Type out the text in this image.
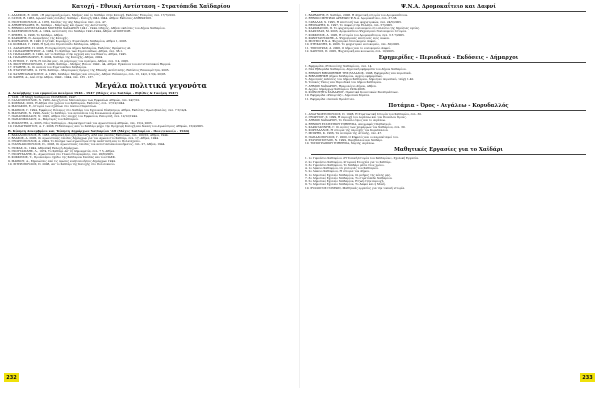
Κατοχή - Εθνική Αντίσταση - Στρατόπεδα Χαϊδαρίου

1. ΑΔΑΣΚΟΣ, Ε. 2005. «Η μαρτυρική μοίρα», Μνήμες από το Χαϊδάρι στην Κατοχή, Εκδόσεις Εταιρίας, σελ. 17/7/2010.
2. ΓΑΤΟΣ, Β. 1963, Αγωνιστικές σελίδες: Χαϊδάρι - Κατοχή 1941-1944. Αθήνα: Εκδόσεις ΑΝΘΡΩΠΟΣ.
3. ΓΚΟΤΣΟΠΟΥΛΟΣ, Α. 1976, Σελίδες της 4ης Μαρτίου: Οκτ. σελ. 47.
4. ΔΗΜΗΤΡΙΑΔΗΣ, Θ., Χαϊδάρι - Μάρτυρες και ήρωες της Αντίστασης.
5. ΕΘΝΙΚΟ ΑΝΤΙΣΤΑΣΙΑΚΟ ΜΟΥΣΕΙΟ ΧΑΪΔΑΡΙΟΥ 1941 - 1944. Οδηγός, Αθήνα: εκδόσεις του Δήμου Χαϊδαρίου.
6. ΖΑΦΕΙΡΟΠΟΥΛΟΣ, Α. 1994, Αντίσταση στο Χαϊδάρι 1941-1944, Αθήνα: ΑΠΟΣΤΟΛΗ.
7. ΖΗΣΗΣ, Δ. 1998, Το Χαϊδάρι, Αθήνα.
8. ΚΑΡΑΜΗΣ, Ν. Αναμνήσεις της Κατοχής.
9. ΚΟΡΝΑΡΟΣ, Θ. 1945 (1η Γέκδ. Κορνάρος), Στρατόπεδο Χαϊδαρίου, Αθήνα 1, 2005.
10. ΚΟΣΜΑΣ, Γ. 1998, Η ζωή στο Στρατόπεδο Χαϊδαρίου, Αθήνα.
11. ΛΑΖΑΡΙΔΗΣ, Π. 2003, Η συγκρότηση του Δήμου Χαϊδαρίου, Εκδόσεις Ιδρύματος ΑΙ.
12. ΠΑΠΑΔΗΜΗΤΡΙΟΥ, Α. 1984, Το Χαϊδάρι των Στρατοπέδων, Αθήνα, σελ. 38-1.
13. ΠΑΠΑΔΑΚΗ, Σ. 1940, Απ' το Χαϊδάρι στην αγχόνη και τον θάνατο, Αθήνα, 1945.
14. ΠΑΠΑΘΕΟΔΟΡΟΥ, Ε. 2004, Χαϊδάρι της Κατοχής, Αθήνα, 2004.
15. ΡΙΤΣΟΣ, Γ. 1976, Η σελίδα μας - Οι μάρτυρες του πολέμου, Αθήνα, σελ. 3 4, 2005.
16. ΣΚΟΥΤΕΡΟΠΟΥΛΟΣ, Γ. 2008, Χαϊδάρι - Μνήμες Ηλίου: 1940 - 44, Αθήνα: Εγκαίνια του αντιστασιακού Θερμού.
17. ΣΤΑΘΗΣ, Σ., Οι κελλιά του Στρατοπέδου Χαϊδαρίου.
18. ΣΤΑΥΡΟΥΛΗΣ, Δ. 1979, Χαϊδάρι - Μαρτυρικός δρόμος της Εθνικής Αντίστασης, Εκδόσεις Επικαιρότητα, 2005.
19. ΧΑΤΖΗΠΑΝΑΓΙΩΤΟΥ, Α. 1995, Χαϊδάρι: Μνήμες και ιστορίες, Αθήνα: Επίκεντρο, σελ. 13, 14/2, 2 5/4, 20/05.
20. ΧΑΡΗΣ, Α., Από στην Αθήνα, 1940 - 1944, σελ. 135 - 137.

Μεγάλα πολιτικά γεγονότα

Α. Δεκέμβρης του εμφυλίου πολέμου 1946 - 1947 (Μάχες στο Χαϊδάρι - Ρεβίθες & Γαλήνη 1947)
1. ΤΑΣΙ. «Η Μάχη Χαϊδαρίου» ΠΟΛΕΜΟΣ, 1947.
2. ΓΑΛΑΝΟΠΟΥΛΟΣ, Ν. 1980, Αποχή στον Μεσοπόλεμο των Εμφυλίων Αθηνών, σελ. 24/7/10.
3. ΚΟΣΜΑΣ, 2001, Η Αθήνα στα χρόνια του Χαϊδαρίου, Εκδόσεις, σελ. 17/12/1944.
4. ΜΑΝΑΚΟΣ, Ε., Ιστορία των σχεδίων στο Δίκτυο Παρισσίων.
5. ΜΑΡΚΟΣ, Γ. 1994, Εμφύλιος Πόλεμος στο Χαϊδάρι του Σχολικού Σύνδεσμου, Αθήνα, Εκδόσεις Πρωτοβουλίας, σελ. 7 5/14/4.
6. ΜΑΝΔΡΟΣ, Ν. 1999, Λεκές το Χαϊδάρι, του αντιπάλου του Κοινωνικού Αγώνα.
7. ΠΑΠΑΝΙΚΟΛΑΟΥ, Ν. 1991, Αθήνα στις εποχές του Εμφυλίου, Ρεπορτάζ, σελ. 12/12/1944.
8. ΠΑΠΑΝΙΚΟΛΑΟΥ, Α., Μάρτυρες του Χαϊδαρίου.
9. ΡΟΖΑΝΤΗΣ, Α., 2005, Νέος Χαϊδαρίου - Χαρακτηριστικά του Αγωνιστικού Αθηνών, σελ. 15/4, 2005.
10. ΠΑΠΑΓΕΩΡΓΙΟΥ, Α. Γ. 2008, Η Επίδαυρος από το Χαϊδάρι μέχρι την Πρόχειρη Κατοχή και δίκαιη του Αγωνίστριες Αθηνών, 15/4/2005.
Β. Κίνηση Δεκεμβρίου και 'Κίνηση Δημάρχων Χαϊδαρίου 'ΑΘ (Μάχες Χαϊδαρίου - Πολιτεκνείο - 1944)
1. ΒΑΚΑΛΟΠΟΥΛΟΣ, Β. 1983, Αθηναϊκή Κατοχή (Σύνταξη, Α/Μ από σελίδες Εκδόσεων, σελ. 100/10, Αθήνα, 1944.
2. ΒΛΑΧΟΣ, Α. 2005, Οι αγωνιστικές σελίδες Δημάρχων για τον Αγώνα στο Χαϊδάρι, σελ. 17, Αθήνα, 1944.
3. ΓΕΩΡΓΟΠΟΥΛΟΣ, Α. 2004, Το Κίνημα των αγωνιστών στην Ανάσταση και το Πολυτεχνείο.
4. ΓΙΑΝΝΑΚΟΠΟΥΛΟΣ, Π., 2003, Οι αγωνιστικές σελίδες του αντιστασιακού κινήματος, σελ. 27, Αθήνα, 1944.
5. ΓΚΙΚΑΣ, Κ., 1944, Αθηναϊκή Εκλογή Δημάρχων.
6. ΓΚΟΥΤΑΣΙΔΗΣ, Λ., 1974, Το Χαϊδάρι Απ' τη Δημοκρατία, σελ. 7 5, Αθήνα.
7. ΓΚΟΡΤΣΑΛΗΣ, Κ., Αγωνιστικά στο Γλυκό Ντοκουμέντο, σελ. 20/6/2005.
8. ΚΟΚΚΙΝΟΣ, Τ., Προπολέμιο σχέδιο της Χαϊδαρίου Σελίδας και του ΠΑΣΚ.
9. ΜΑΡΚΟΥ, Α., Σημειώσεις από τις πρώτες κινητοποιήσεις Δημάρχων 1944.
10. ΣΠΥΡΟΠΟΥΛΟΣ, Π. 2008, Απ' το Χαϊδάρι της Κατοχής στο Πολιτεκνείο.

Ψ.Ν.Α. Δρομοκαΐτειο και Δαφνί

1. ΒΑΡΒΑΡΗΣ, Ε. Χαϊδάρι, 2006. Η Δημοτική ιστορία του Δρομοκαΐτειου.
2. ΕΘΝΙΚΟ ΜΗΤΡΩΟ ΑΡΧΕΙΩΝ Ψ.Ν.Α. Δρομοκαΐτειο, σελ. 37-38.
3. ΓΑΒΑΛΑΣ, Χ. 1995, Η επιστολή των ψυχιατρικών, σελ. 24/5/2005.
4. ΘΕΟΧΑΡΗΣ, Κ. 1997, Το Δαφνί στην Ελλάδα, σελ. 57/2005.
5. ΚΑΡΑΜΑΝΟΣ, Π. Το ψυχιατρικό νοσοκομείο στο πλαίσιο της δημόσιας υγείας.
6. ΚΑΡΑΤΖΑΣ, Μ. 2003, Δρομοκαΐτειο Ψυχιατρικό Νοσοκομείο: Ιστορία.
7. ΚΟΚΚΙΝΟΣ, Δ. 1995, Η ιστορία του Δρομοκαΐτειου, σελ. 3 3 7/2005.
8. ΚΩΝΣΤΑΝΤΑΚΗΣ, Α. Ψυχιατρικές επιστολές ενός αιώνα.
9. ΜΟΥΣΙΟ Ψ.Ν.Α. Ψυχιατρικό Νοσοκομείο Δαφνί.
10. ΣΤΕΦΑΝΗΣ, Κ. 2006. Το ψυχιατρικό νοσοκομείο, σελ. 30/2005.
11. ΤΣΙΠΟΥΡΑΣ, Δ. 2006, Ο Δήμος και το νοσοκομείο Δαφνί.
12. ΧΑΡΙΤΟΣ, Π. 2005, Ψυχιατρική και κοινωνία, σελ. 10/2005.

Εφημερίδες - Περιοδικά - Εκδόσεις - Δήμαρχοι

1. Εφημερίδα «Η Κοινότης Χαϊδαρίου», σελ. 14.
2. Νέα Εβδομάδα Χαϊδαρίου, Δημοτική εφημερίδα του Δήμου Χαϊδαρίου.
3. ΕΘΝΙΚΗ ΒΙΒΛΙΟΘΗΚΗ ΤΗΣ ΕΛΛΑΔΟΣ, 1998, Εφημερίδες και περιοδικά.
4. ΒΙΒΛΙΟΘΗΚΗ Δήμου Χαϊδαρίου, Αρχείο εφημερίδων.
5. Δημοτικές εκδόσεις του Δήμου Χαϊδαρίου, Δημοτικό περιοδικό, τεύχη 1-40.
6. Τοπικός Τύπος και Περιοδικά του Δήμου Χαϊδαρίου.
7. ΔΗΜΟΣ ΧΑΪΔΑΡΙΟΥ, Ημερολόγιο Δήμου, Αθήνα.
8. Αρχείο Δημάρχων Χαϊδαρίου 1934-2006.
9. ΚΟΙΝΟΤΗΤΑ ΧΑΪΔΑΡΙΟΥ, Πρακτικά Κοινοτικών Συνεδριάσεων.
10. Εφημερίδα «Ρεπορτάζ», Δημοτικά θέματα.
11. Εφημερίδα «Δυτικά Προάστια».

Ποτάμια - Όρος - Αιγάλεω - Κορυδαλλός

1. ΑΝΑΓΝΩΣΤΟΠΟΥΛΟΣ, Π. 1998, Η Στρατιωτική Ιστορία του Χαϊδαρίου, σελ. 30.
2. ΓΕΩΡΓΙΟΥ, Σ. 1999, Η περιοχή του Αιγάλεω και του Ποικίλου Όρους.
3. ΔΗΜΟΣ ΧΑΪΔΑΡΙΟΥ, Το Ποικίλο Όρος και το Αιγάλεω.
4. ΕΘΝΙΚΗ ΣΤΑΤΙΣΤΙΚΗ ΥΠΗΡΕΣΙΑ, Απογραφές Πληθυσμού.
5. ΚΑΡΑΓΙΑΝΝΗΣ, Γ. Οι κοίτες των χειμάρρων του Χαϊδαρίου, σελ. 30.
6. ΚΟΡΥΔΑΛΛΟΣ, Η ιστορία της περιοχής του Κορυδαλλού.
7. ΜΠΙΡΗΣ, Κ. 1966, Τα ποτάμια της Αττικής, σελ. 47.
8. ΠΑΠΑΔΟΠΟΥΛΟΣ, Γ. 2000, Ο Κηφισός και οι παραπόταμοί του.
9. ΣΤΑΥΡΟΠΟΥΛΟΣ, Ν. 1999, Περιβάλλον και Χαϊδάρι.
10. ΤΟΠΟΓΡΑΦΙΚΗ ΥΠΗΡΕΣΙΑ, Χάρτης Αιγάλεω.

Μαθητικές Εργασίες για το Χαϊδάρι

1. 1ο Γυμνάσιο Χαϊδαρίου «Η Τοπική Ιστορία του Χαϊδαρίου», Σχολική Εργασία.
2. 2ο Γυμνάσιο Χαϊδαρίου, Ιστορικά Στοιχεία για το Χαϊδάρι.
3. 3ο Γυμνάσιο Χαϊδαρίου, Το Χαϊδάρι μέσα στον χρόνο.
4. 1ο Λύκειο Χαϊδαρίου, Οι γειτονιές του Χαϊδαρίου.
5. 2ο Λύκειο Χαϊδαρίου, Η ιστορία του Δήμου.
6. 1ο Δημοτικό Σχολείο Χαϊδαρίου, Οι μνήμες της πόλης μας.
7. 3ο Δημοτικό Σχολείο Χαϊδαρίου, Το στρατόπεδο Χαϊδαρίου.
8. 5ο Δημοτικό Σχολείο Χαϊδαρίου, Η ζωή στην περιοχή.
9. 7ο Δημοτικό Σχολείο Χαϊδαρίου, Το Δαφνί και η Μονή.
10. ΣΥΛΛΟΓΟΣ ΓΟΝΕΩΝ, Μαθητικές εργασίες για την τοπική ιστορία.
232	233
